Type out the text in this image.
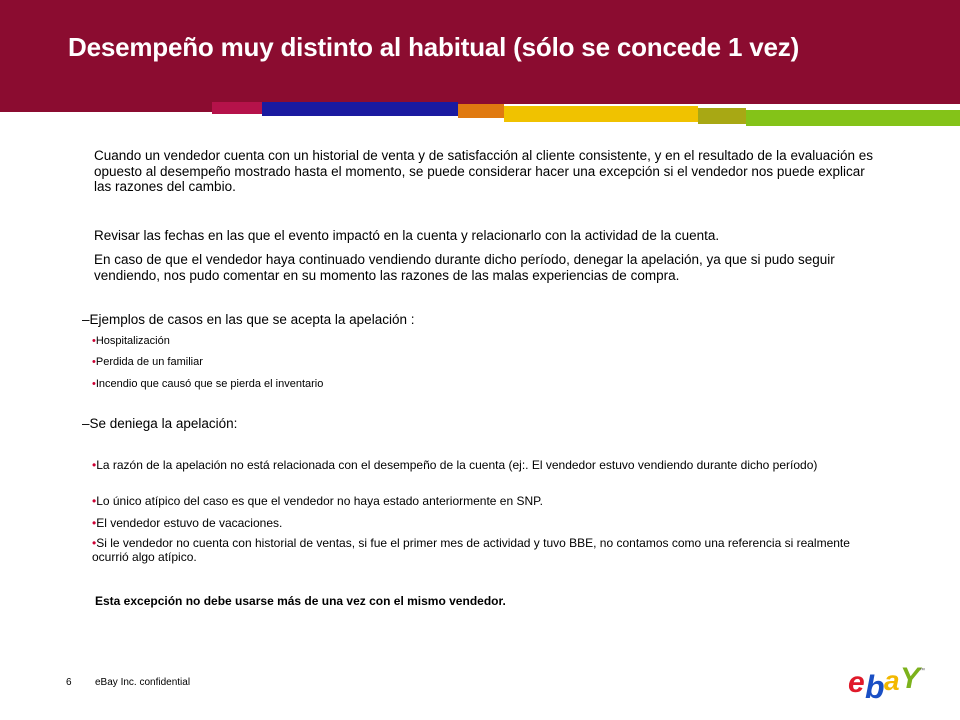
Desempeño muy distinto al habitual (sólo se concede 1 vez)

Cuando un vendedor cuenta con un historial de venta y de satisfacción al cliente consistente, y en el resultado de la evaluación es opuesto al desempeño mostrado hasta el momento, se puede considerar hacer una excepción si el vendedor nos puede explicar las razones del cambio.

Revisar las fechas en las que el evento impactó en la cuenta y relacionarlo con la actividad de la cuenta.

En caso de que el vendedor haya continuado vendiendo durante dicho período, denegar la apelación, ya que si pudo seguir vendiendo, nos pudo comentar en su momento las razones de las malas experiencias de compra.

–Ejemplos de casos en las que se acepta la apelación :

•Hospitalización

•Perdida de un familiar

•Incendio que causó que se pierda el inventario

–Se deniega la apelación:

•La razón de la apelación no está relacionada con el desempeño de la cuenta (ej:. El vendedor estuvo vendiendo durante dicho período)

•Lo único atípico del caso es que el vendedor no haya estado anteriormente en SNP.

•El vendedor estuvo de vacaciones.

•Si le vendedor no cuenta con historial de ventas, si fue el primer mes de actividad y tuvo BBE, no contamos como una referencia si realmente ocurrió algo atípico.

Esta excepción no debe usarse más de una vez con el mismo vendedor.

6 eBay Inc. confidential	e b a Y
™
